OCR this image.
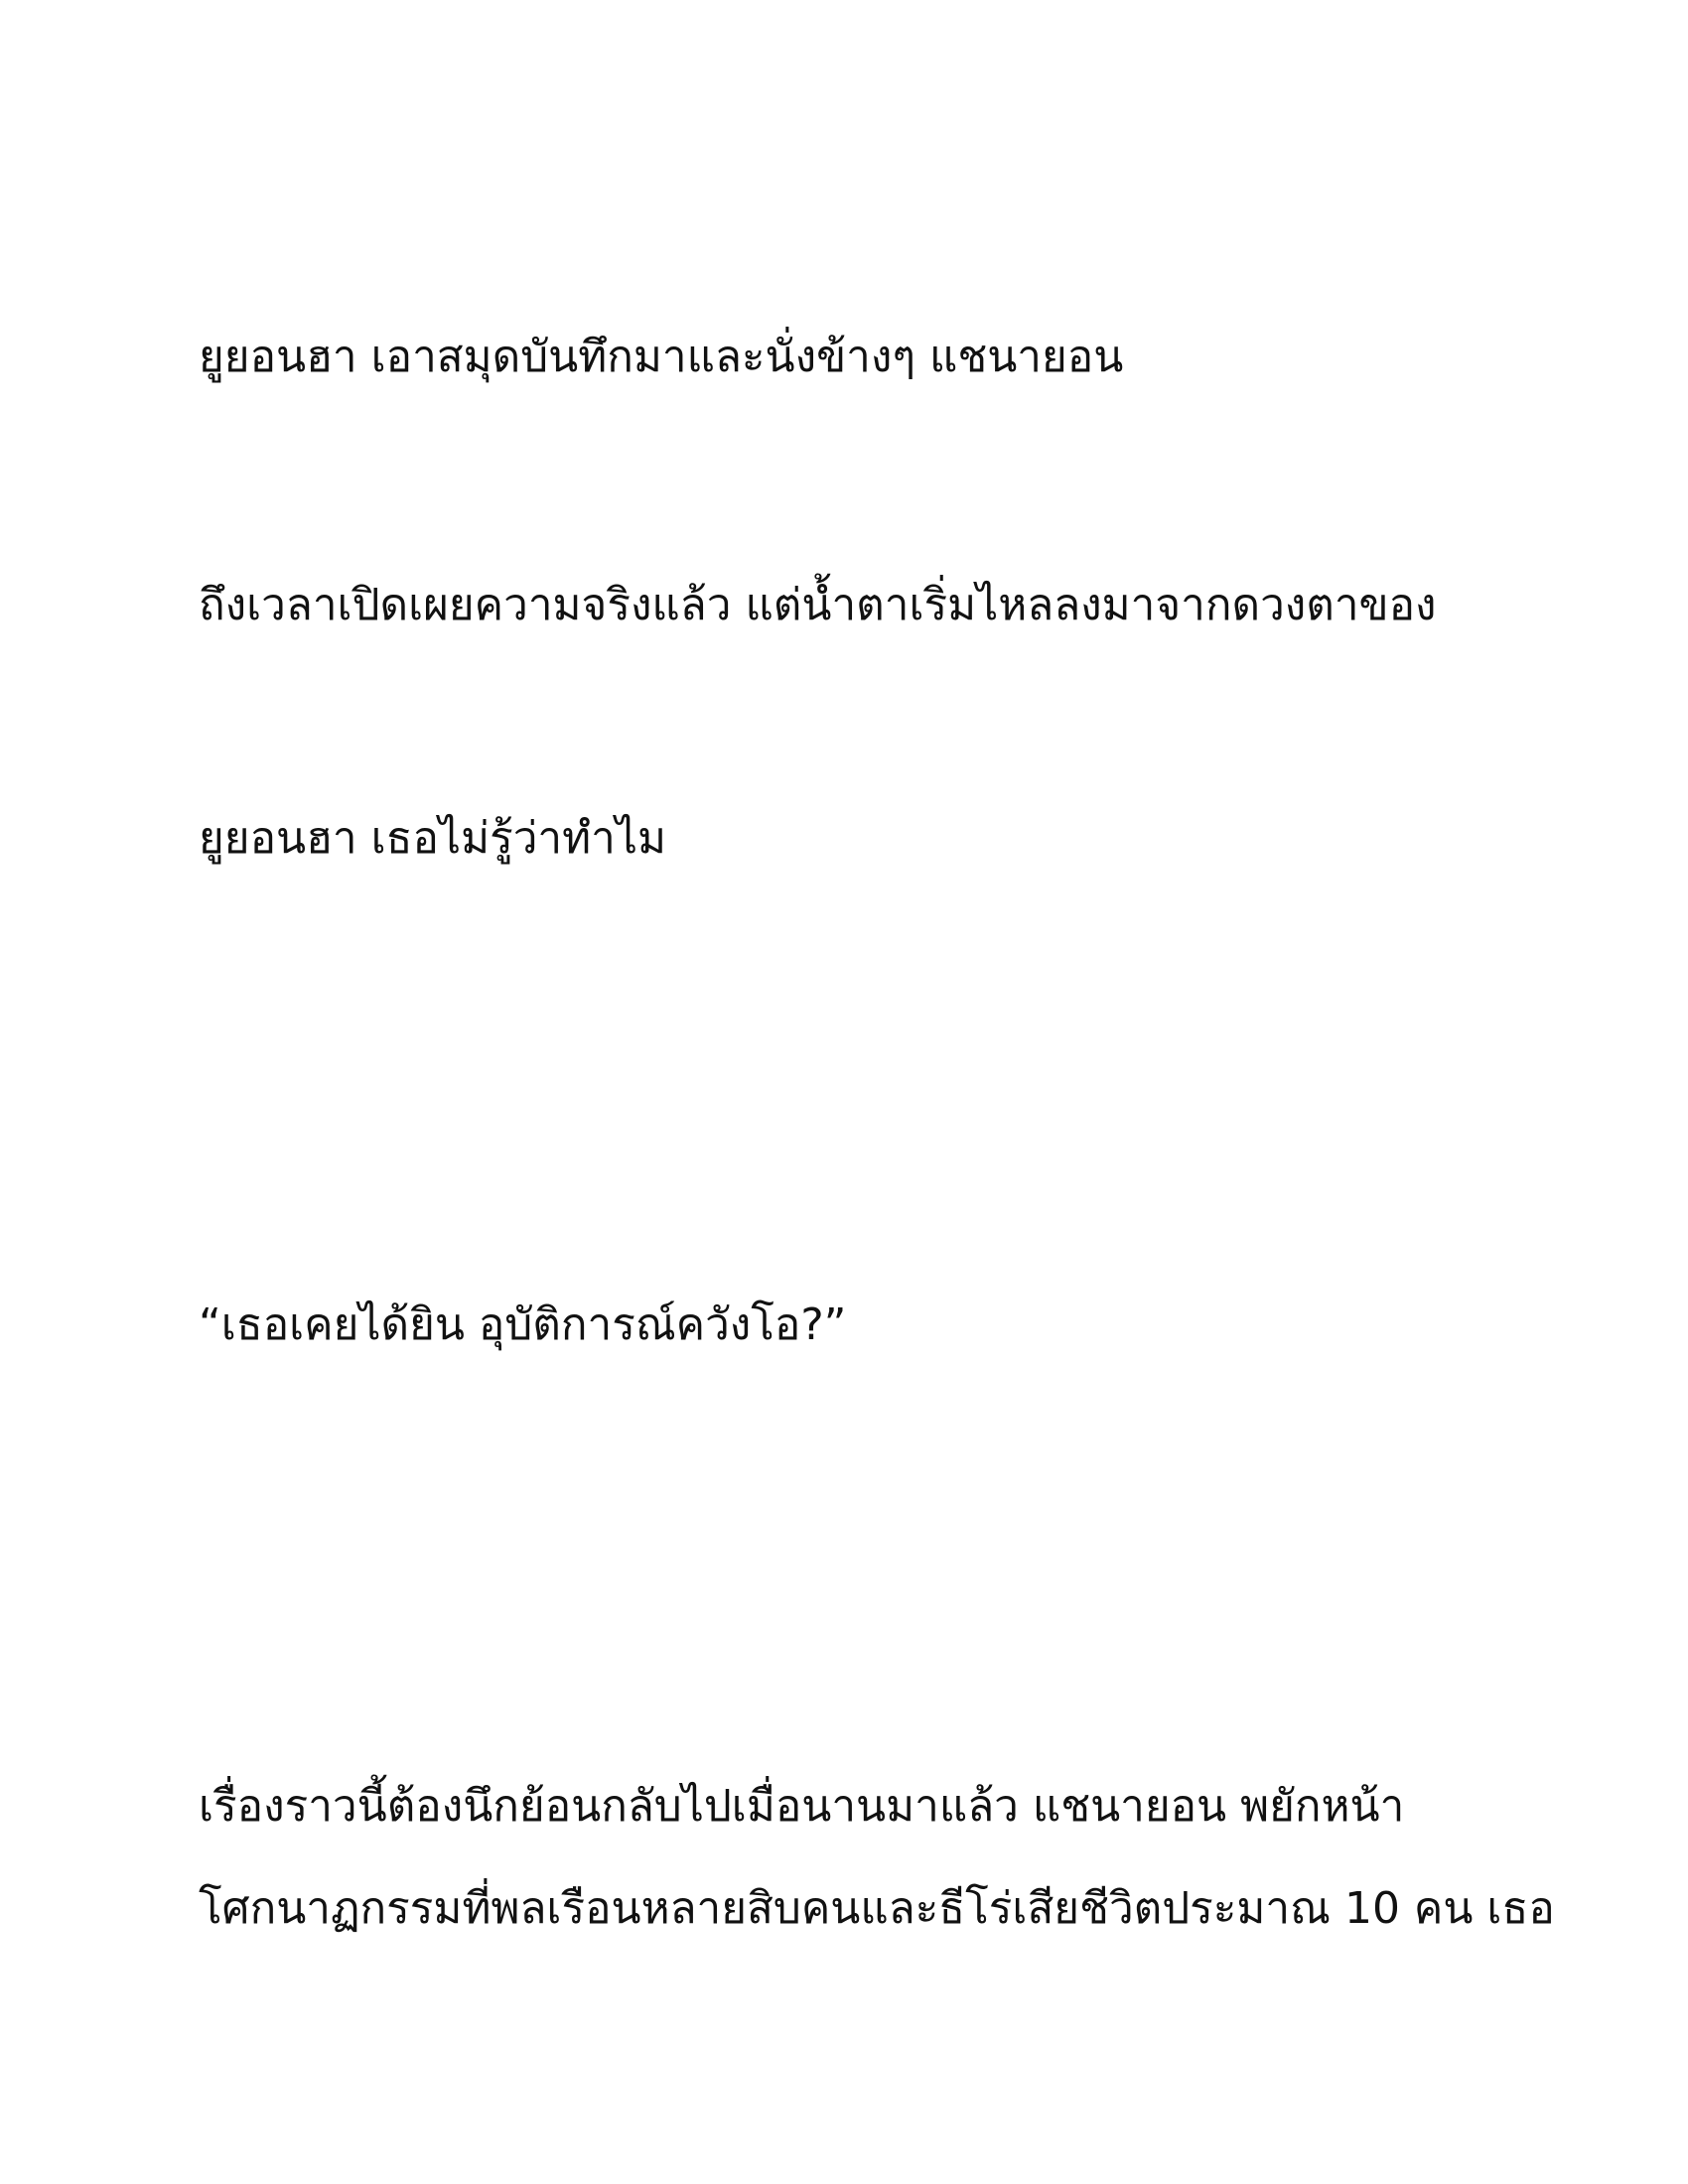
ยูยอนฮา เอาสมุดบันทึกมาและนั่งข้างๆ แชนายอน
ถึงเวลาเปิดเผยความจริงแล้ว แต่น้ำตาเริ่มไหลลงมาจากดวงตาของ
ยูยอนฮา เธอไม่รู้ว่าทำไม
“เธอเคยได้ยิน อุบัติการณ์ควังโอ?”
เรื่องราวนี้ต้องนึกย้อนกลับไปเมื่อนานมาแล้ว แชนายอน พยักหน้า
โศกนาฏกรรมที่พลเรือนหลายสิบคนและธีโร่เสียชีวิตประมาณ 10 คน เธอ
